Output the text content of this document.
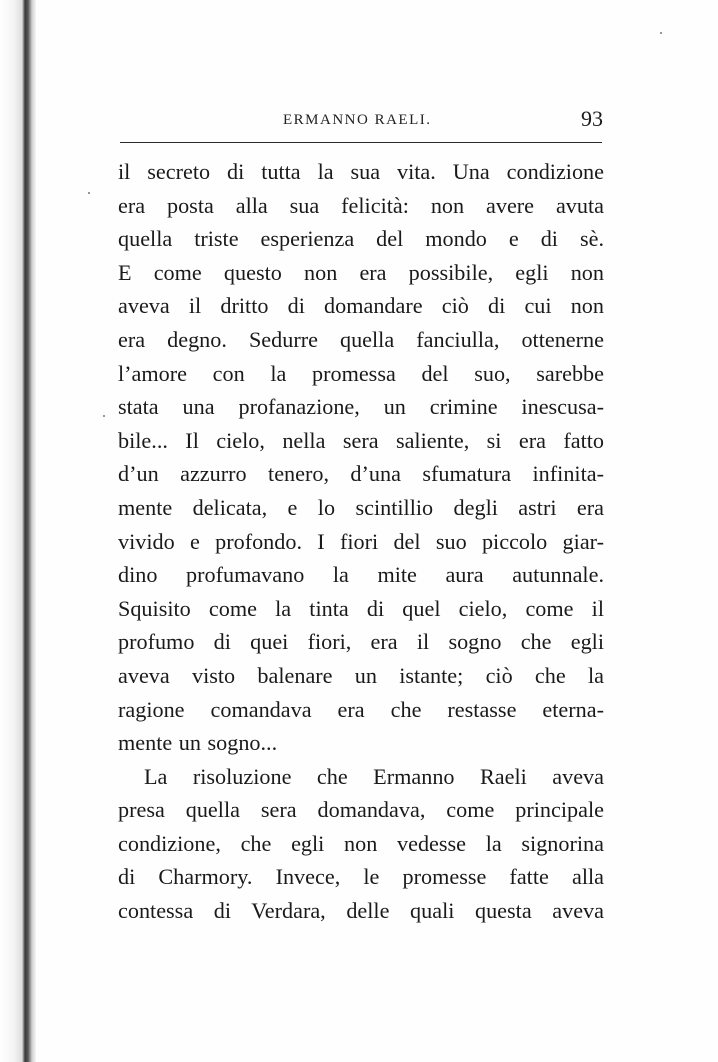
ERMANNO RAELI.	93
il secreto di tutta la sua vita. Una condizione
era posta alla sua felicità: non avere avuta
quella triste esperienza del mondo e di sè.
E come questo non era possibile, egli non
aveva il dritto di domandare ciò di cui non
era degno. Sedurre quella fanciulla, ottenerne
l’amore con la promessa del suo, sarebbe
stata una profanazione, un crimine inescusa-
bile... Il cielo, nella sera saliente, si era fatto
d’un azzurro tenero, d’una sfumatura infinita-
mente delicata, e lo scintillio degli astri era
vivido e profondo. I fiori del suo piccolo giar-
dino profumavano la mite aura autunnale.
Squisito come la tinta di quel cielo, come il
profumo di quei fiori, era il sogno che egli
aveva visto balenare un istante; ciò che la
ragione comandava era che restasse eterna-
mente un sogno...
La risoluzione che Ermanno Raeli aveva
presa quella sera domandava, come principale
condizione, che egli non vedesse la signorina
di Charmory. Invece, le promesse fatte alla
contessa di Verdara, delle quali questa aveva
